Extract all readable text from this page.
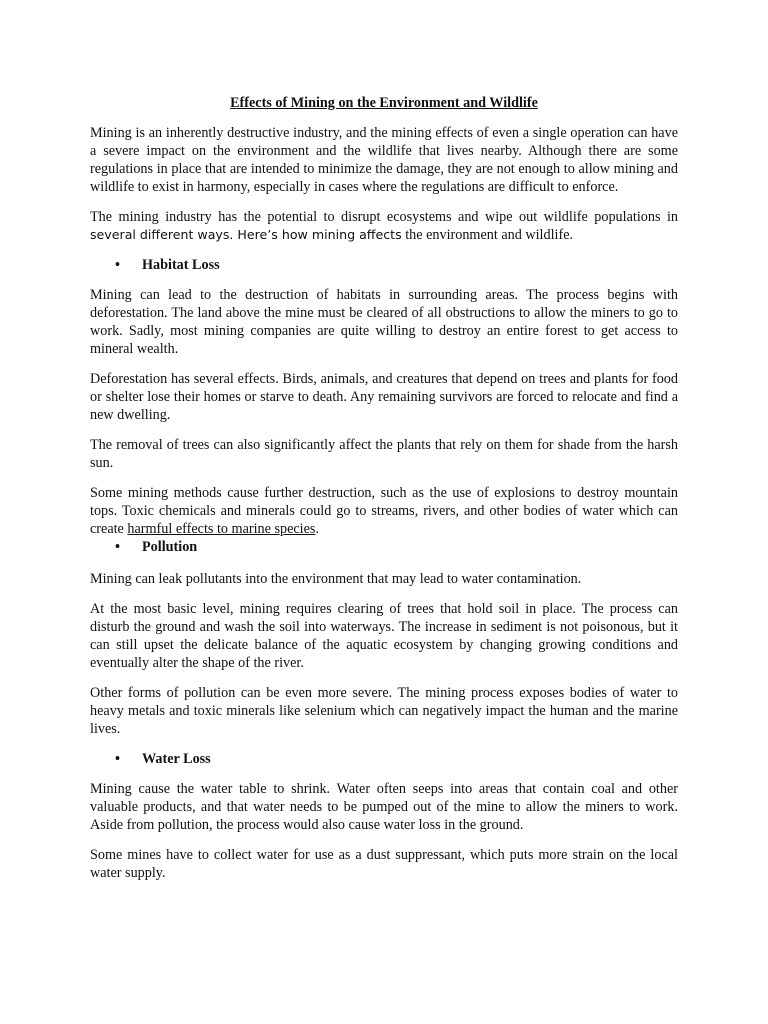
Effects of Mining on the Environment and Wildlife

Mining is an inherently destructive industry, and the mining effects of even a single operation can have a severe impact on the environment and the wildlife that lives nearby. Although there are some regulations in place that are intended to minimize the damage, they are not enough to allow mining and wildlife to exist in harmony, especially in cases where the regulations are difficult to enforce.

The mining industry has the potential to disrupt ecosystems and wipe out wildlife populations in several different ways. Here’s how mining affects the environment and wildlife.

•	Habitat Loss

Mining can lead to the destruction of habitats in surrounding areas. The process begins with deforestation. The land above the mine must be cleared of all obstructions to allow the miners to go to work. Sadly, most mining companies are quite willing to destroy an entire forest to get access to mineral wealth.

Deforestation has several effects. Birds, animals, and creatures that depend on trees and plants for food or shelter lose their homes or starve to death. Any remaining survivors are forced to relocate and find a new dwelling.

The removal of trees can also significantly affect the plants that rely on them for shade from the harsh sun.

Some mining methods cause further destruction, such as the use of explosions to destroy mountain tops. Toxic chemicals and minerals could go to streams, rivers, and other bodies of water which can create harmful effects to marine species.

•	Pollution

Mining can leak pollutants into the environment that may lead to water contamination.

At the most basic level, mining requires clearing of trees that hold soil in place. The process can disturb the ground and wash the soil into waterways. The increase in sediment is not poisonous, but it can still upset the delicate balance of the aquatic ecosystem by changing growing conditions and eventually alter the shape of the river.

Other forms of pollution can be even more severe. The mining process exposes bodies of water to heavy metals and toxic minerals like selenium which can negatively impact the human and the marine lives.

•	Water Loss

Mining cause the water table to shrink. Water often seeps into areas that contain coal and other valuable products, and that water needs to be pumped out of the mine to allow the miners to work. Aside from pollution, the process would also cause water loss in the ground.

Some mines have to collect water for use as a dust suppressant, which puts more strain on the local water supply.
